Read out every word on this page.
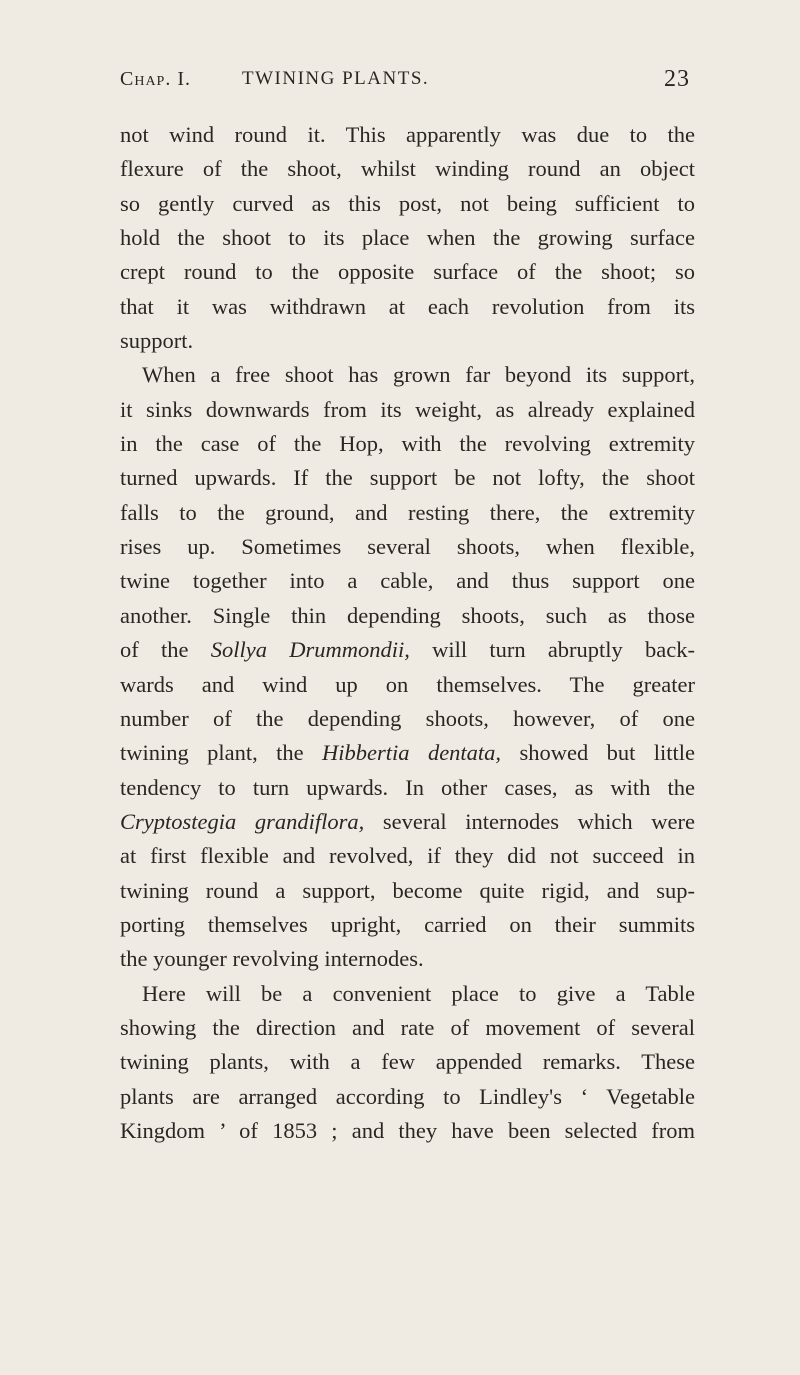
Chap. I.	TWINING PLANTS.	23
not wind round it. This apparently was due to the
flexure of the shoot, whilst winding round an object
so gently curved as this post, not being sufficient to
hold the shoot to its place when the growing surface
crept round to the opposite surface of the shoot; so
that it was withdrawn at each revolution from its
support.
When a free shoot has grown far beyond its support,
it sinks downwards from its weight, as already explained
in the case of the Hop, with the revolving extremity
turned upwards. If the support be not lofty, the shoot
falls to the ground, and resting there, the extremity
rises up. Sometimes several shoots, when flexible,
twine together into a cable, and thus support one
another. Single thin depending shoots, such as those
of the Sollya Drummondii, will turn abruptly back-
wards and wind up on themselves. The greater
number of the depending shoots, however, of one
twining plant, the Hibbertia dentata, showed but little
tendency to turn upwards. In other cases, as with the
Cryptostegia grandiflora, several internodes which were
at first flexible and revolved, if they did not succeed in
twining round a support, become quite rigid, and sup-
porting themselves upright, carried on their summits
the younger revolving internodes.
Here will be a convenient place to give a Table
showing the direction and rate of movement of several
twining plants, with a few appended remarks. These
plants are arranged according to Lindley's ‘ Vegetable
Kingdom ’ of 1853 ; and they have been selected from
